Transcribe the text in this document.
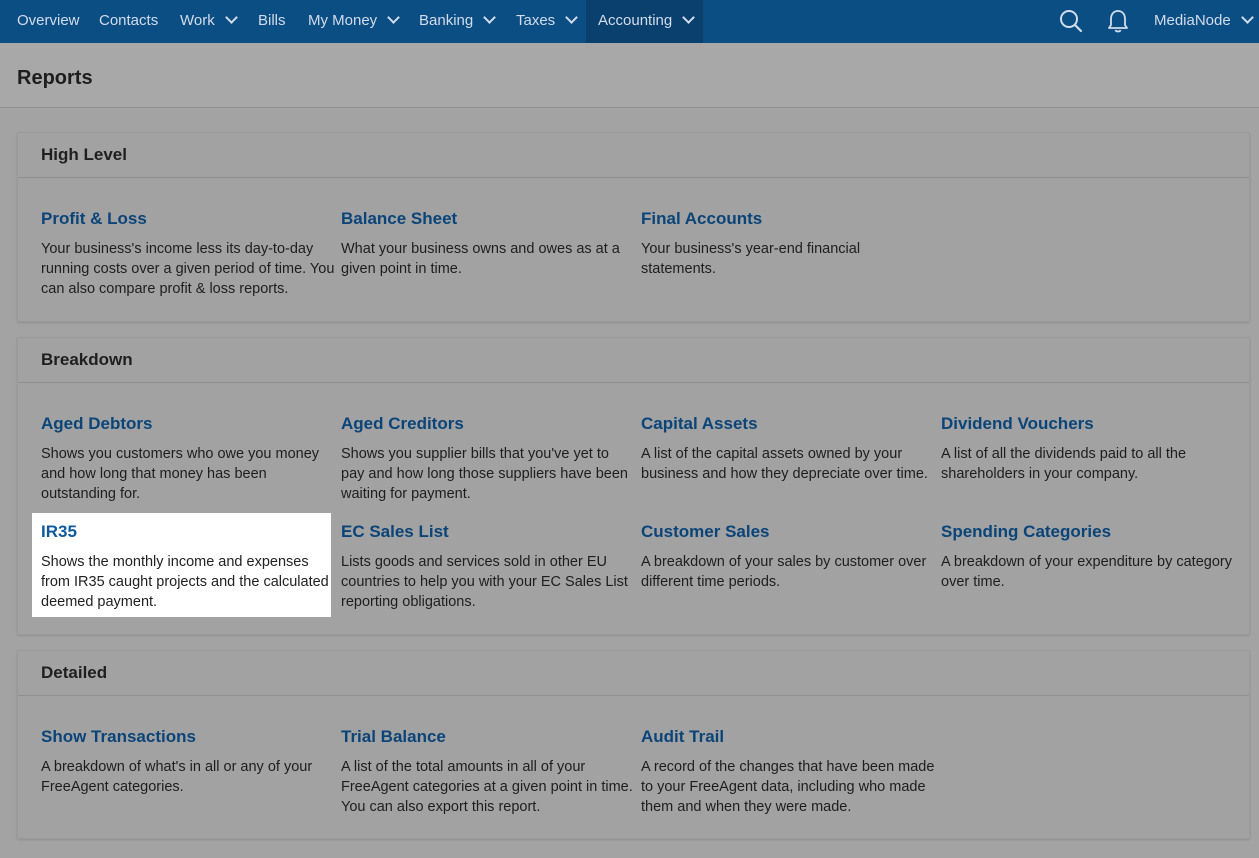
Overview Contacts Work	Bills My Money	Banking	Taxes	Accounting	MediaNode
Reports
High Level
Profit & Loss

Your business's income less its day-to-day running costs over a given period of time. You can also compare profit & loss reports.

Balance Sheet

What your business owns and owes as at a given point in time.

Final Accounts

Your business's year-end financial statements.

Breakdown
Aged Debtors

Shows you customers who owe you money and how long that money has been outstanding for.

Aged Creditors

Shows you supplier bills that you've yet to pay and how long those suppliers have been waiting for payment.

Capital Assets

A list of the capital assets owned by your business and how they depreciate over time.

Dividend Vouchers

A list of all the dividends paid to all the shareholders in your company.

IR35

Shows the monthly income and expenses from IR35 caught projects and the calculated deemed payment.

EC Sales List

Lists goods and services sold in other EU countries to help you with your EC Sales List reporting obligations.

Customer Sales

A breakdown of your sales by customer over different time periods.

Spending Categories

A breakdown of your expenditure by category over time.

Detailed
Show Transactions

A breakdown of what's in all or any of your FreeAgent categories.

Trial Balance

A list of the total amounts in all of your FreeAgent categories at a given point in time. You can also export this report.

Audit Trail

A record of the changes that have been made to your FreeAgent data, including who made them and when they were made.
